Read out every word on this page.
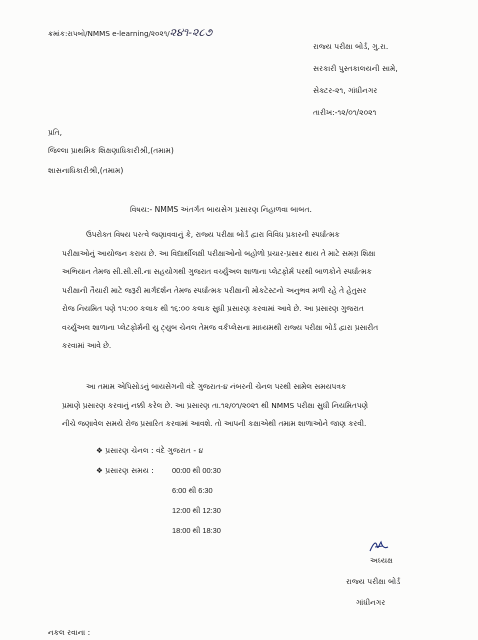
ક્રમાંક:રાપબો/NMMS e-learning/૨૦૨૧/૨૪૧-૨૮૭
રાજ્ય પરીક્ષા બોર્ડ, ગુ.રા.
સરકારી પુસ્તકાલયની સામે,
સેક્ટર-૨૧, ગાંધીનગર
તારીખ:-૧૨/૦૧/૨૦૨૧
પ્રતિ,
જિલ્લા પ્રાથમિક શિક્ષણાધિકારીશ્રી,(તમામ)
શાસનાધિકારીશ્રી,(તમામ)
વિષય:- NMMS અંતર્ગત બાયસેગ પ્રસારણ નિહાળવા બાબત.
ઉપરોક્ત વિષય પરત્વે જણાવવાનું કે, રાજ્ય પરીક્ષા બોર્ડ દ્વારા વિવિધ પ્રકારની સ્પર્ધાત્મક
પરીક્ષાઓનું આયોજન કરાય છે. આ વિદ્યાર્થીલક્ષી પરીક્ષાઓનો બહોળો પ્રચાર-પ્રસાર થાય તે માટે સમગ્ર શિક્ષા
અભિયાન તેમજ સી.સી.સી.ના સહયોગથી ગુજરાત વર્ચ્યુઅલ શાળાના પ્લેટફોર્મ પરથી બાળકોને સ્પર્ધાત્મક
પરીક્ષાની તૈયારી માટે જરૂરી માર્ગદર્શન તેમજ સ્પર્ધાત્મક પરીક્ષાની મોકટેસ્ટનો અનુભવ મળી રહે તે હેતુસર
રોજ નિયમિત પણે ૧૫:૦૦ કલાક થી ૧૬:૦૦ કલાક સુધી પ્રસારણ કરવામાં આવે છે. આ પ્રસારણ ગુજરાત
વર્ચ્યુઅલ શાળાના પ્લેટફોર્મની યુ ટ્યુબ ચેનલ તેમજ વર્કપ્લેસના માધ્યમથી રાજ્ય પરીક્ષા બોર્ડ દ્વારા પ્રસારીત
કરવામાં આવે છે.
આ તમામ એપિસોડનું બાયસેગની વંદે ગુજરાત-૪ નંબરની ચેનલ પરથી સામેલ સમયપત્રક
પ્રમાણે પ્રસારણ કરવાનું નક્કી કરેલ છે. આ પ્રસારણ તા.૧૨/૦૧/૨૦૨૧ થી NMMS પરીક્ષા સુધી નિયમિતપણે
નીચે જણાવેલ સમયે રોજ પ્રસારિત કરવામાં આવશે. તો આપની કક્ષાએથી તમામ શાળાઓને જાણ કરવી.
❖ પ્રસારણ ચેનલ : વંદે ગુજરાત - ૪
❖ પ્રસારણ સમય : 00:00 થી 00:30
6:00 થી 6:30
12:00 થી 12:30
18:00 થી 18:30
અધ્યક્ષ
રાજ્ય પરીક્ષા બોર્ડ
ગાંધીનગર
નકલ રવાના :
